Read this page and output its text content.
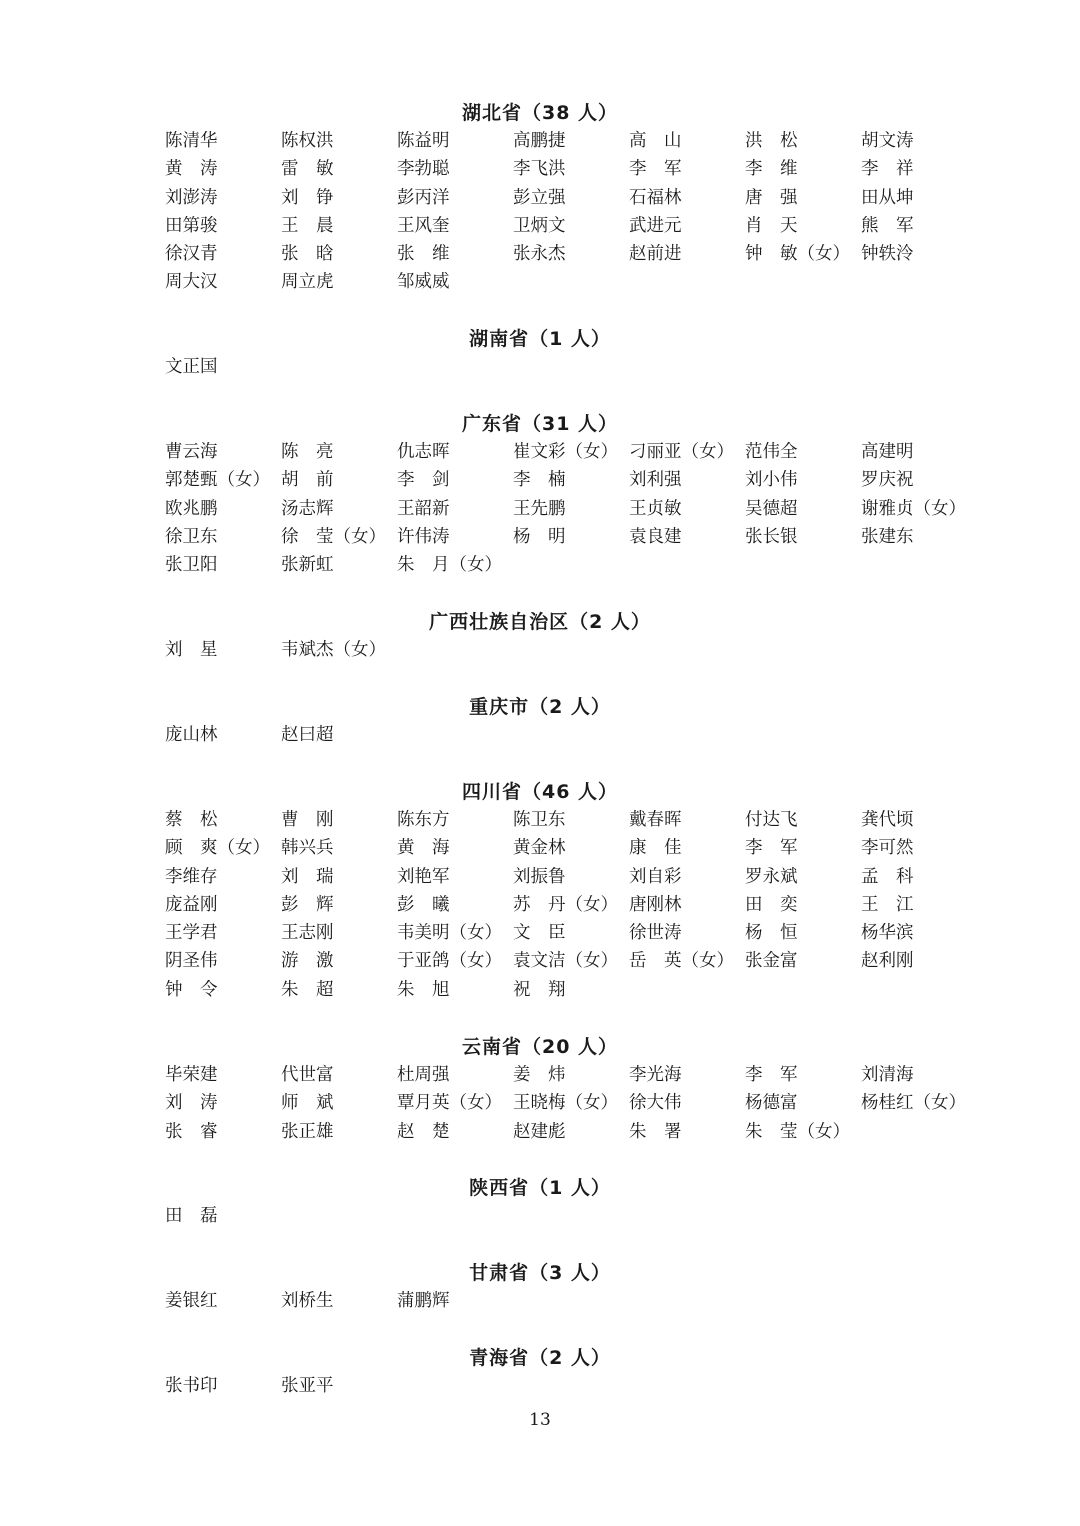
湖北省（38 人）
陈清华	陈权洪	陈益明	高鹏捷	高　山	洪　松	胡文涛
黄　涛	雷　敏	李勃聪	李飞洪	李　军	李　维	李　祥
刘澎涛	刘　铮	彭丙洋	彭立强	石福林	唐　强	田从坤
田第骏	王　晨	王风奎	卫炳文	武进元	肖　天	熊　军
徐汉青	张　晗	张　维	张永杰	赵前进	钟　敏（女） 钟轶泠
周大汉	周立虎	邹威威
湖南省（1 人）
文正国
广东省（31 人）
曹云海	陈　亮	仇志晖	崔文彩（女） 刁丽亚（女） 范伟全	高建明
郭楚甄（女） 胡　前	李　剑	李　楠	刘利强	刘小伟	罗庆祝
欧兆鹏	汤志辉	王韶新	王先鹏	王贞敏	吴德超	谢雅贞（女）
徐卫东	徐　莹（女） 许伟涛	杨　明	袁良建	张长银	张建东
张卫阳	张新虹	朱　月（女）
广西壮族自治区（2 人）
刘　星	韦斌杰（女）
重庆市（2 人）
庞山林	赵曰超
四川省（46 人）
蔡　松	曹　刚	陈东方	陈卫东	戴春晖	付达飞	龚代顷
顾　爽（女） 韩兴兵	黄　海	黄金林	康　佳	李　军	李可然
李维存	刘　瑞	刘艳军	刘振鲁	刘自彩	罗永斌	孟　科
庞益刚	彭　辉	彭　曦	苏　丹（女） 唐刚林	田　奕	王　江
王学君	王志刚	韦美明（女） 文　臣	徐世涛	杨　恒	杨华滨
阴圣伟	游　激	于亚鸽（女） 袁文洁（女） 岳　英（女） 张金富	赵利刚
钟　令	朱　超	朱　旭	祝　翔
云南省（20 人）
毕荣建	代世富	杜周强	姜　炜	李光海	李　军	刘清海
刘　涛	师　斌	覃月英（女） 王晓梅（女） 徐大伟	杨德富	杨桂红（女）
张　睿	张正雄	赵　楚	赵建彪	朱　署	朱　莹（女）
陕西省（1 人）
田　磊
甘肃省（3 人）
姜银红	刘桥生	蒲鹏辉
青海省（2 人）
张书印	张亚平
13
